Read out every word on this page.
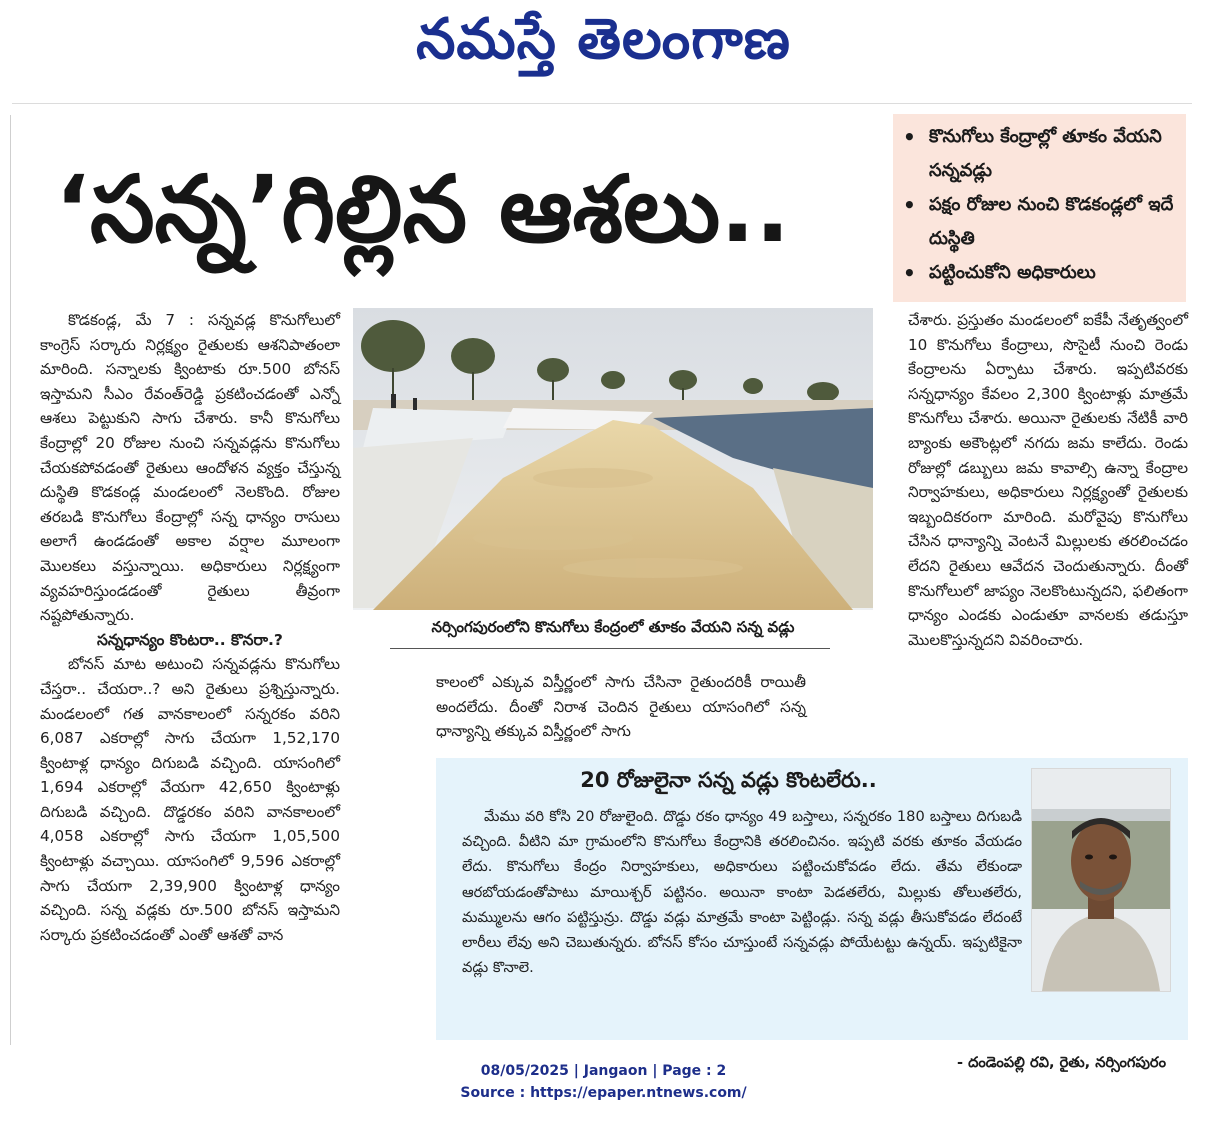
నమస్తే తెలంగాణ
‘సన్న’గిల్లిన ఆశలు..
• కొనుగోలు కేంద్రాల్లో తూకం వేయని సన్నవడ్లు
• పక్షం రోజుల నుంచి కొడకండ్లలో ఇదే దుస్థితి
• పట్టించుకోని అధికారులు

కొడకండ్ల, మే 7 : సన్నవడ్ల కొనుగోలులో కాంగ్రెస్ సర్కారు నిర్లక్ష్యం రైతులకు ఆశనిపాతంలా మారింది. సన్నాలకు క్వింటాకు రూ.500 బోనస్ ఇస్తామని సీఎం రేవంత్‌రెడ్డి ప్రకటించడంతో ఎన్నో ఆశలు పెట్టుకుని సాగు చేశారు. కానీ కొనుగోలు కేంద్రాల్లో 20 రోజుల నుంచి సన్నవడ్లను కొనుగోలు చేయకపోవడంతో రైతులు ఆందోళన వ్యక్తం చేస్తున్న దుస్థితి కొడకండ్ల మండలంలో నెలకొంది. రోజుల తరబడి కొనుగోలు కేంద్రాల్లో సన్న ధాన్యం రాసులు అలాగే ఉండడంతో అకాల వర్షాల మూలంగా మొలకలు వస్తున్నాయి. అధికారులు నిర్లక్ష్యంగా వ్యవహరిస్తుండడంతో రైతులు తీవ్రంగా నష్టపోతున్నారు.

సన్నధాన్యం కొంటరా.. కొనరా.?

బోనస్ మాట అటుంచి సన్నవడ్లను కొనుగోలు చేస్తరా.. చేయరా..? అని రైతులు ప్రశ్నిస్తున్నారు. మండలంలో గత వానకాలంలో సన్నరకం వరిని 6,087 ఎకరాల్లో సాగు చేయగా 1,52,170 క్వింటాళ్ల ధాన్యం దిగుబడి వచ్చింది. యాసంగిలో 1,694 ఎకరాల్లో వేయగా 42,650 క్వింటాళ్లు దిగుబడి వచ్చింది. దొడ్డరకం వరిని వానకాలంలో 4,058 ఎకరాల్లో సాగు చేయగా 1,05,500 క్వింటాళ్లు వచ్చాయి. యాసంగిలో 9,596 ఎకరాల్లో సాగు చేయగా 2,39,900 క్వింటాళ్ల ధాన్యం వచ్చింది. సన్న వడ్లకు రూ.500 బోనస్ ఇస్తామని సర్కారు ప్రకటించడంతో ఎంతో ఆశతో వాన

నర్సింగపురంలోని కొనుగోలు కేంద్రంలో తూకం వేయని సన్న వడ్లు

కాలంలో ఎక్కువ విస్తీర్ణంలో సాగు చేసినా రైతుందరికీ రాయితీ అందలేదు. దీంతో నిరాశ చెందిన రైతులు యాసంగిలో సన్న ధాన్యాన్ని తక్కువ విస్తీర్ణంలో సాగు

చేశారు. ప్రస్తుతం మండలంలో ఐకేపీ నేతృత్వంలో 10 కొనుగోలు కేంద్రాలు, సొసైటీ నుంచి రెండు కేంద్రాలను ఏర్పాటు చేశారు. ఇప్పటివరకు సన్నధాన్యం కేవలం 2,300 క్వింటాళ్లు మాత్రమే కొనుగోలు చేశారు. అయినా రైతులకు నేటికీ వారి బ్యాంకు అకౌంట్లలో నగదు జమ కాలేదు. రెండు రోజుల్లో డబ్బులు జమ కావాల్సి ఉన్నా కేంద్రాల నిర్వాహకులు, అధికారులు నిర్లక్ష్యంతో రైతులకు ఇబ్బందికరంగా మారింది. మరోవైపు కొనుగోలు చేసిన ధాన్యాన్ని వెంటనే మిల్లులకు తరలించడం లేదని రైతులు ఆవేదన చెందుతున్నారు. దీంతో కొనుగోలులో జాప్యం నెలకొంటున్నదని, ఫలితంగా ధాన్యం ఎండకు ఎండుతూ వానలకు తడుస్తూ మొలకొస్తున్నదని వివరించారు.

20 రోజులైనా సన్న వడ్లు కొంటలేరు..

మేము వరి కోసి 20 రోజులైంది. దొడ్డు రకం ధాన్యం 49 బస్తాలు, సన్నరకం 180 బస్తాలు దిగుబడి వచ్చింది. వీటిని మా గ్రామంలోని కొనుగోలు కేంద్రానికి తరలించినం. ఇప్పటి వరకు తూకం వేయడం లేదు. కొనుగోలు కేంద్రం నిర్వాహకులు, అధికారులు పట్టించుకోవడం లేదు. తేమ లేకుండా ఆరబోయడంతోపాటు మాయిశ్చర్ పట్టినం. అయినా కాంటా పెడతలేరు, మిల్లుకు తోలుతలేరు, మమ్ములను ఆగం పట్టిస్తున్రు. దొడ్డు వడ్లు మాత్రమే కాంటా పెట్టిండ్లు. సన్న వడ్లు తీసుకోవడం లేదంటే లారీలు లేవు అని చెబుతున్నరు. బోనస్ కోసం చూస్తుంటే సన్నవడ్లు పోయేటట్టు ఉన్నయ్. ఇప్పటికైనా వడ్లు కొనాలె.

- దండెంపల్లి రవి, రైతు, నర్సింగపురం
08/05/2025 | Jangaon | Page : 2
Source : https://epaper.ntnews.com/
